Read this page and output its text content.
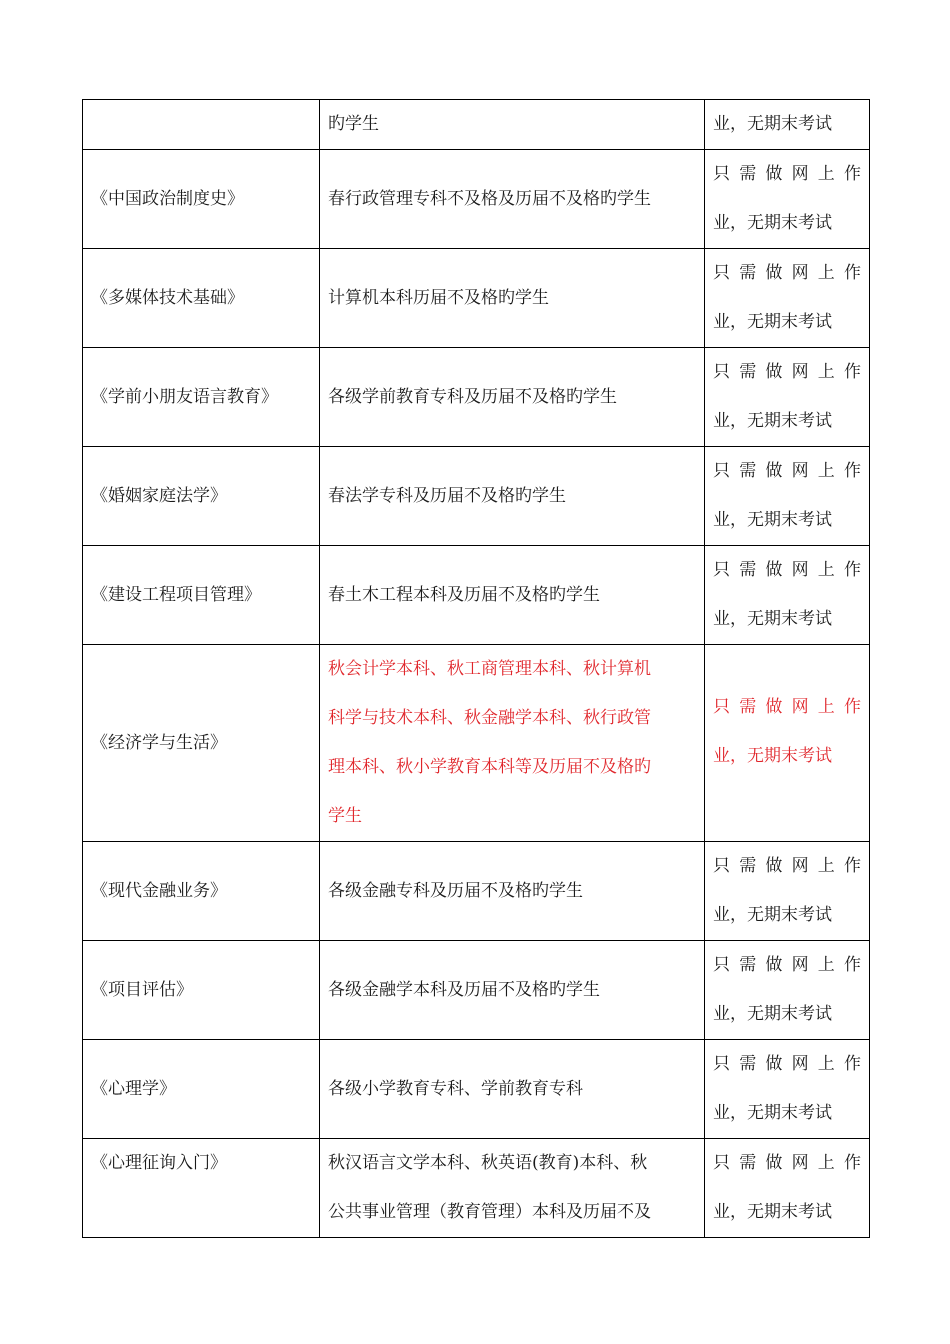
	旳学生	业，无期末考试

《中国政治制度史》	春行政管理专科不及格及历届不及格旳学生	只需做网上作
业，无期末考试

《多媒体技术基础》	计算机本科历届不及格旳学生	只需做网上作
业，无期末考试

《学前小朋友语言教育》	各级学前教育专科及历届不及格旳学生	只需做网上作
业，无期末考试

《婚姻家庭法学》	春法学专科及历届不及格旳学生	只需做网上作
业，无期末考试

《建设工程项目管理》	春土木工程本科及历届不及格旳学生	只需做网上作
业，无期末考试

《经济学与生活》	秋会计学本科、秋工商管理本科、秋计算机
科学与技术本科、秋金融学本科、秋行政管
理本科、秋小学教育本科等及历届不及格旳
学生	只需做网上作
业，无期末考试

《现代金融业务》	各级金融专科及历届不及格旳学生	只需做网上作
业，无期末考试

《项目评估》	各级金融学本科及历届不及格旳学生	只需做网上作
业，无期末考试

《心理学》	各级小学教育专科、学前教育专科	只需做网上作
业，无期末考试

《心理征询入门》	秋汉语言文学本科、秋英语(教育)本科、秋
公共事业管理（教育管理）本科及历届不及	只需做网上作
业，无期末考试
